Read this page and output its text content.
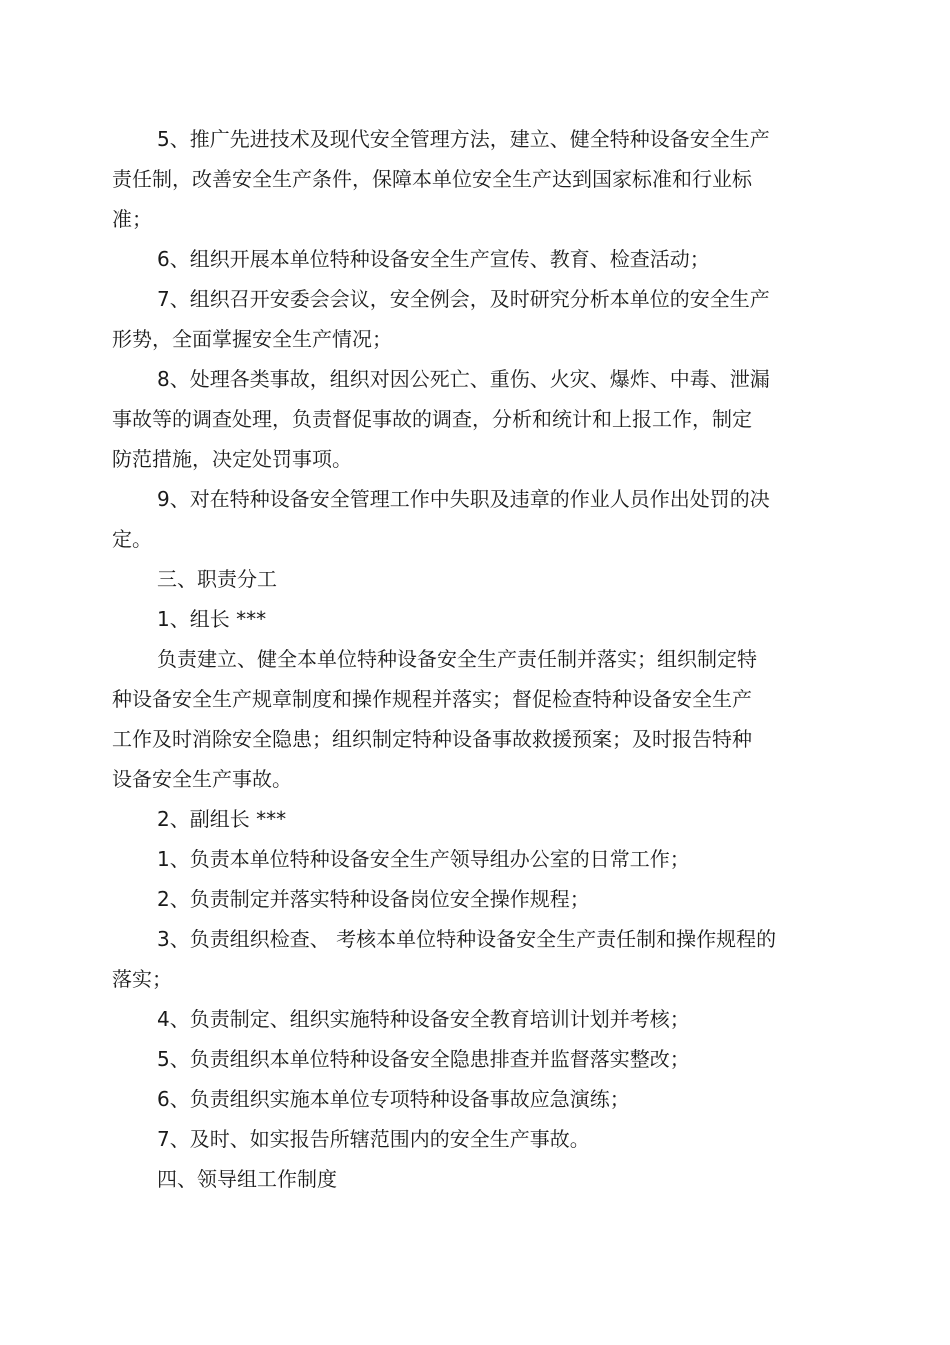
5、推广先进技术及现代安全管理方法，建立、健全特种设备安全生产
责任制，改善安全生产条件，保障本单位安全生产达到国家标准和行业标
准；
6、组织开展本单位特种设备安全生产宣传、教育、检查活动；
7、组织召开安委会会议，安全例会，及时研究分析本单位的安全生产
形势，全面掌握安全生产情况；
8、处理各类事故，组织对因公死亡、重伤、火灾、爆炸、中毒、泄漏
事故等的调查处理，负责督促事故的调查，分析和统计和上报工作，制定
防范措施，决定处罚事项。
9、对在特种设备安全管理工作中失职及违章的作业人员作出处罚的决
定。
三、职责分工
1、组长 ***
负责建立、健全本单位特种设备安全生产责任制并落实；组织制定特
种设备安全生产规章制度和操作规程并落实；督促检查特种设备安全生产
工作及时消除安全隐患；组织制定特种设备事故救援预案；及时报告特种
设备安全生产事故。
2、副组长 ***
1、负责本单位特种设备安全生产领导组办公室的日常工作；
2、负责制定并落实特种设备岗位安全操作规程；
3、负责组织检查、 考核本单位特种设备安全生产责任制和操作规程的
落实；
4、负责制定、组织实施特种设备安全教育培训计划并考核；
5、负责组织本单位特种设备安全隐患排查并监督落实整改；
6、负责组织实施本单位专项特种设备事故应急演练；
7、及时、如实报告所辖范围内的安全生产事故。
四、领导组工作制度
